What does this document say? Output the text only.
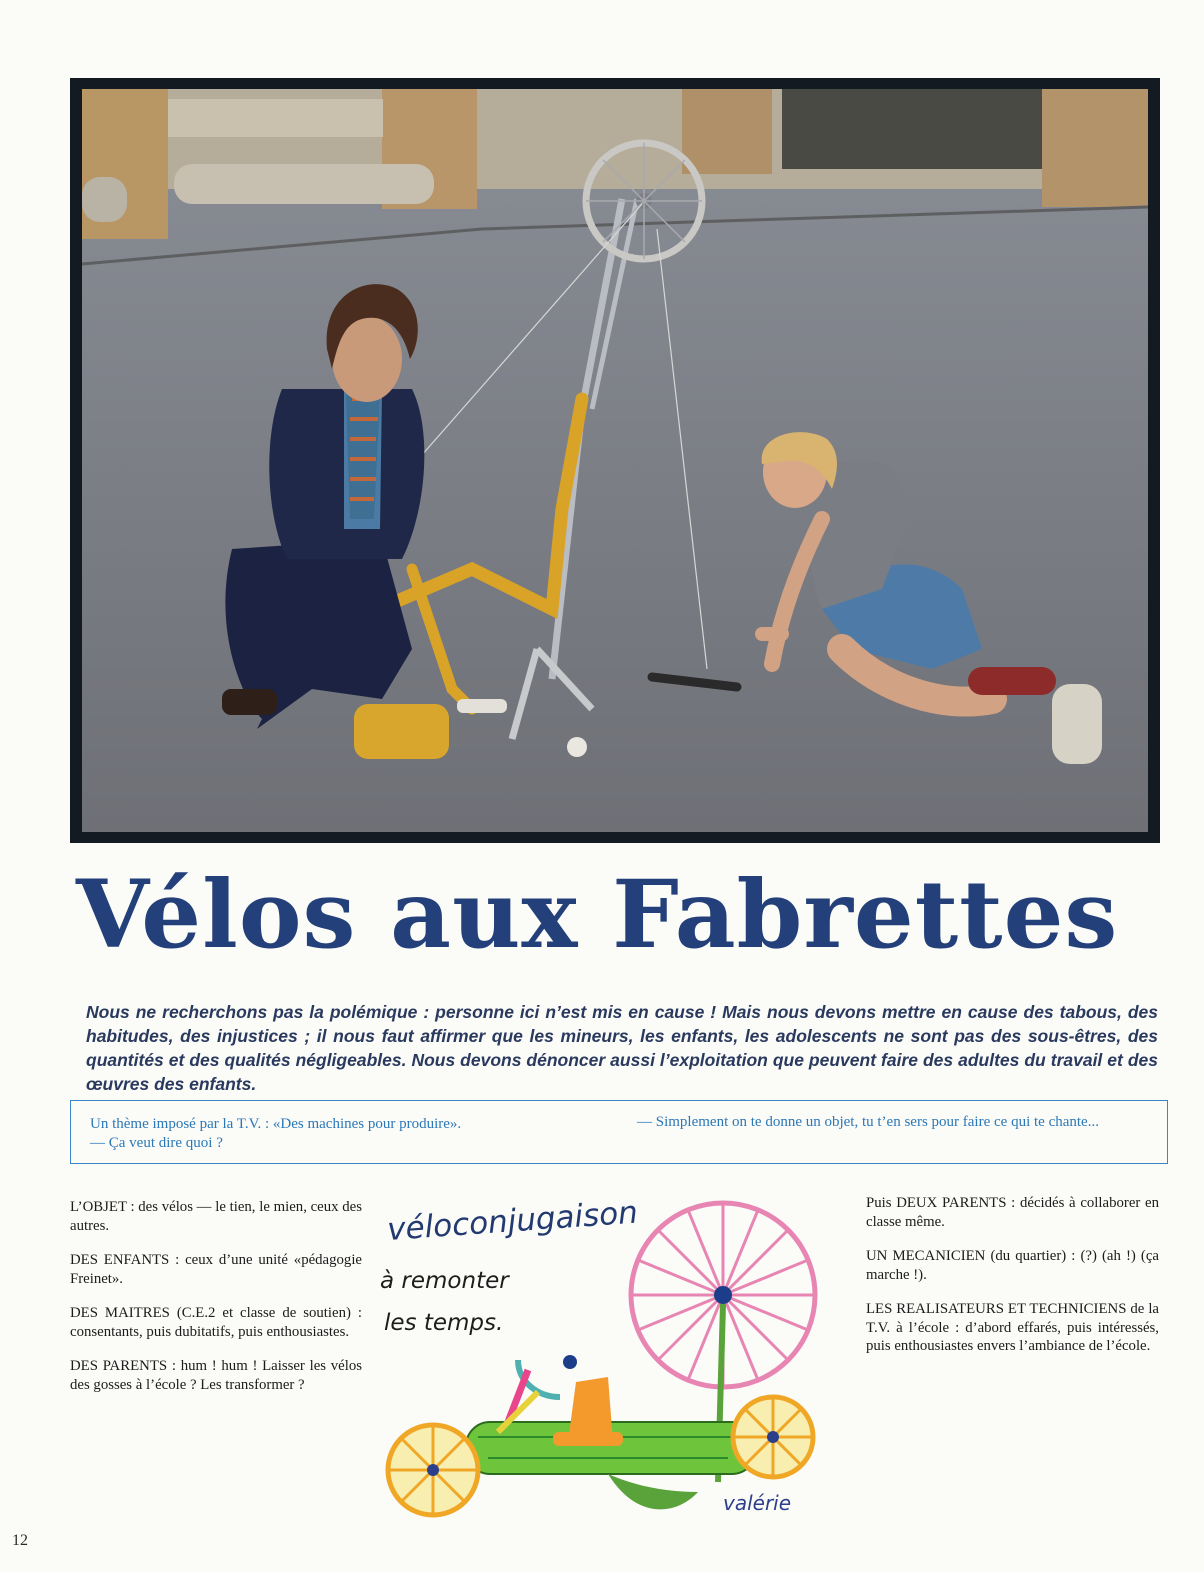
Vélos aux Fabrettes
Nous ne recherchons pas la polémique : personne ici n’est mis en cause ! Mais nous devons mettre en cause des tabous, des habitudes, des injustices ; il nous faut affirmer que les mineurs, les enfants, les adolescents ne sont pas des sous-êtres, des quantités et des qualités négligeables. Nous devons dénoncer aussi l’exploitation que peuvent faire des adultes du travail et des œuvres des enfants.

Un thème imposé par la T.V. : «Des machines pour produire».
— Ça veut dire quoi ?

— Simplement on te donne un objet, tu t’en sers pour faire ce qui te chante...

L’OBJET : des vélos — le tien, le mien, ceux des autres.

DES ENFANTS : ceux d’une unité «pédagogie Freinet».

DES MAITRES (C.E.2 et classe de soutien) : consentants, puis dubitatifs, puis enthousiastes.

DES PARENTS : hum ! hum ! Laisser les vélos des gosses à l’école ? Les transformer ?

Puis DEUX PARENTS : décidés à collaborer en classe même.

UN MECANICIEN (du quartier) : (?) (ah !) (ça marche !).

LES REALISATEURS ET TECHNICIENS de la T.V. à l’école : d’abord effarés, puis intéressés, puis enthousiastes envers l’ambiance de l’école.

véloconjugaison
à remonter
les temps.
valérie
12
